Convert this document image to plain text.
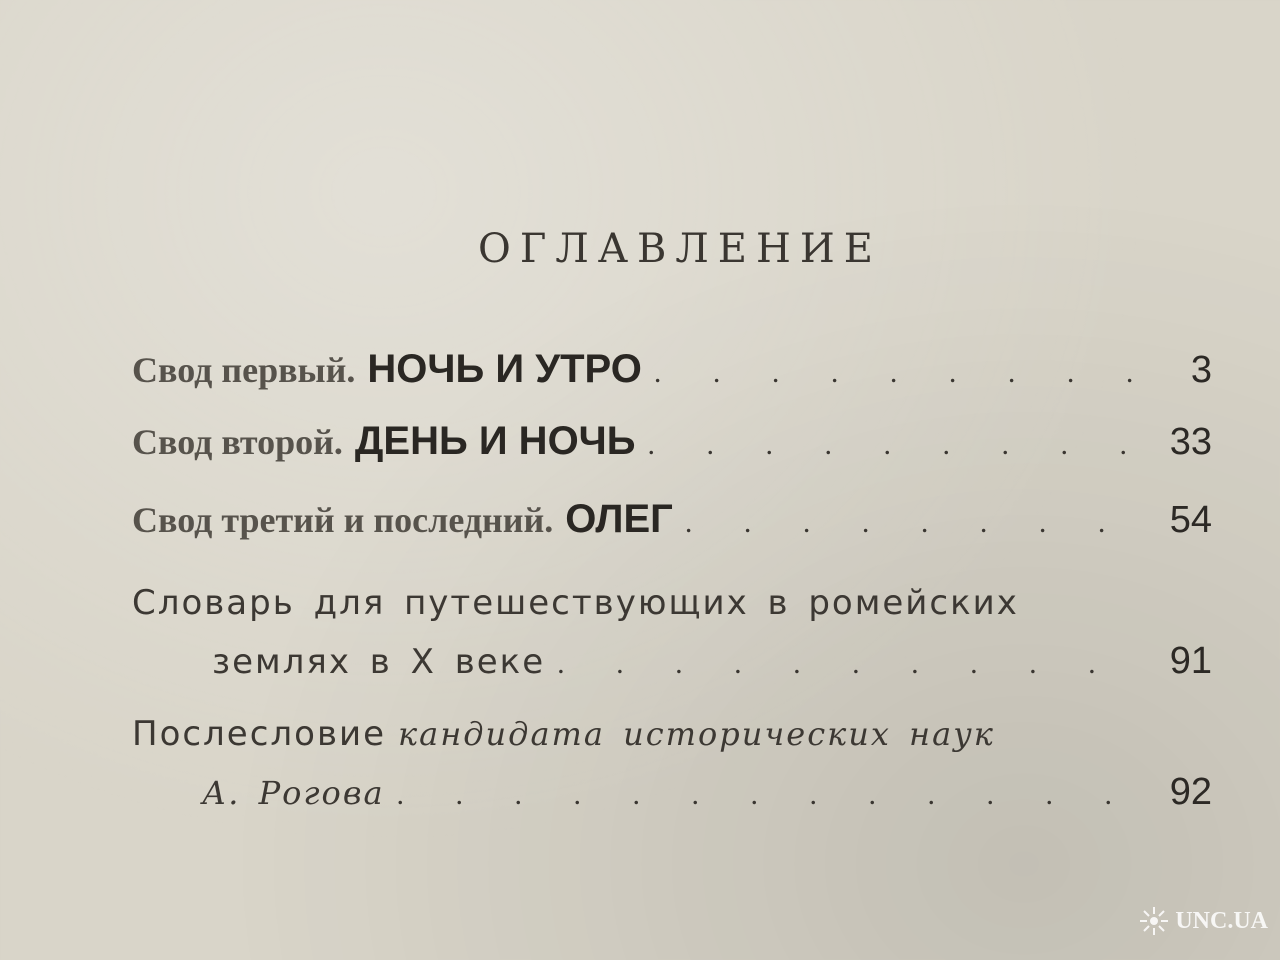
ОГЛАВЛЕНИЕ
Свод первый. НОЧЬ И УТРО . . .	3
Свод второй. ДЕНЬ И НОЧЬ . . .	33
Свод третий и последний. ОЛЕГ . . .	54
Словарь для путешествующих в ромейских
землях в X веке . . .	91
Послесловие кандидата исторических наук
А. Рогова . . .	92
UNC.UA
